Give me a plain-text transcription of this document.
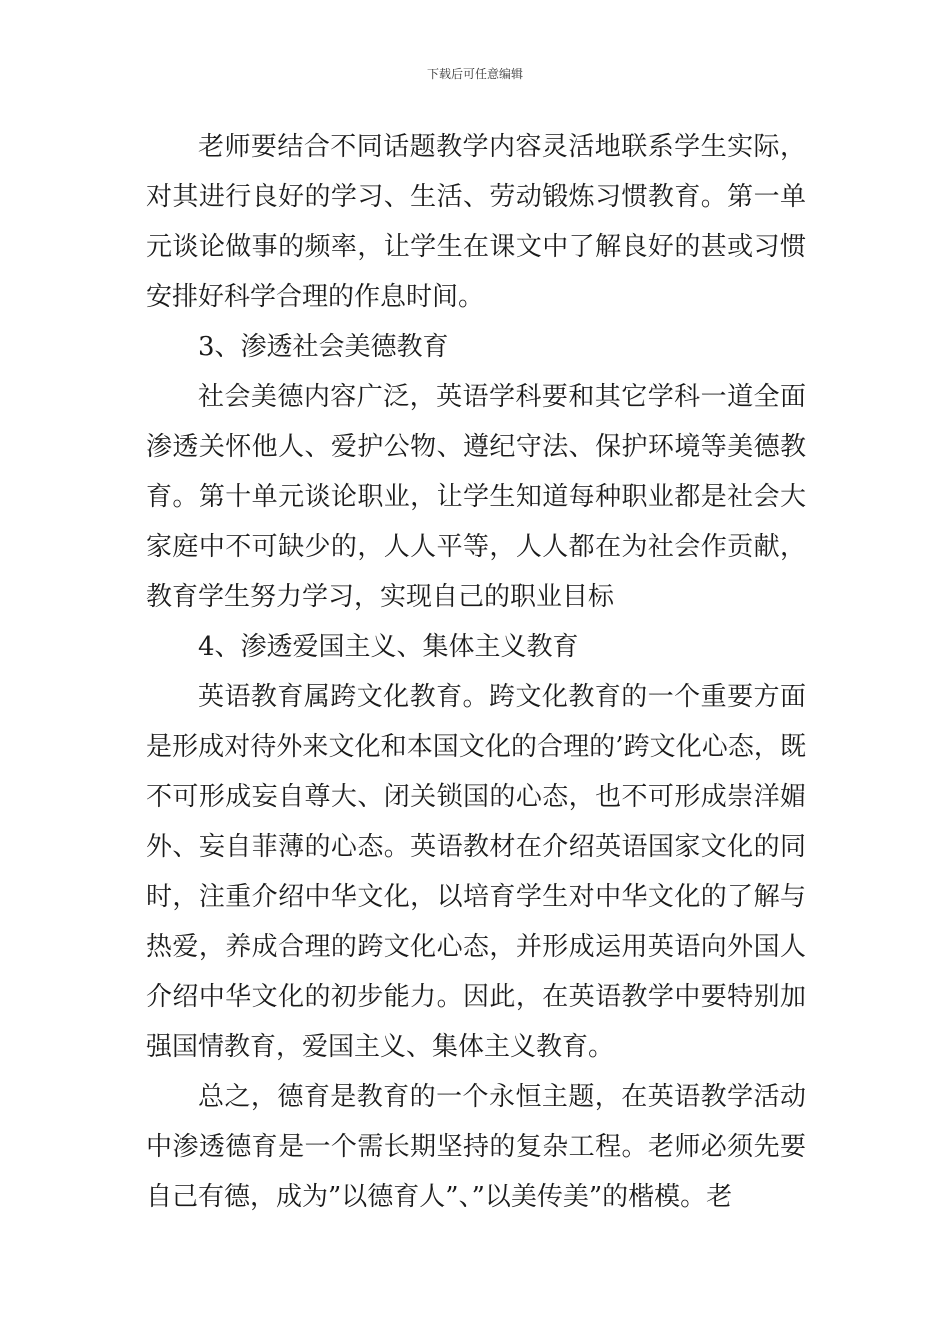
下载后可任意编辑

老师要结合不同话题教学内容灵活地联系学生实际，对其进行良好的学习、生活、劳动锻炼习惯教育。第一单元谈论做事的频率，让学生在课文中了解良好的甚或习惯安排好科学合理的作息时间。

3、渗透社会美德教育

社会美德内容广泛，英语学科要和其它学科一道全面渗透关怀他人、爱护公物、遵纪守法、保护环境等美德教育。第十单元谈论职业，让学生知道每种职业都是社会大家庭中不可缺少的，人人平等，人人都在为社会作贡献，教育学生努力学习，实现自己的职业目标

4、渗透爱国主义、集体主义教育

英语教育属跨文化教育。跨文化教育的一个重要方面是形成对待外来文化和本国文化的合理的’跨文化心态，既不可形成妄自尊大、闭关锁国的心态，也不可形成崇洋媚外、妄自菲薄的心态。英语教材在介绍英语国家文化的同时，注重介绍中华文化，以培育学生对中华文化的了解与热爱，养成合理的跨文化心态，并形成运用英语向外国人介绍中华文化的初步能力。因此，在英语教学中要特别加强国情教育，爱国主义、集体主义教育。

总之，德育是教育的一个永恒主题，在英语教学活动中渗透德育是一个需长期坚持的复杂工程。老师必须先要自己有德，成为”以德育人”、”以美传美”的楷模。老
